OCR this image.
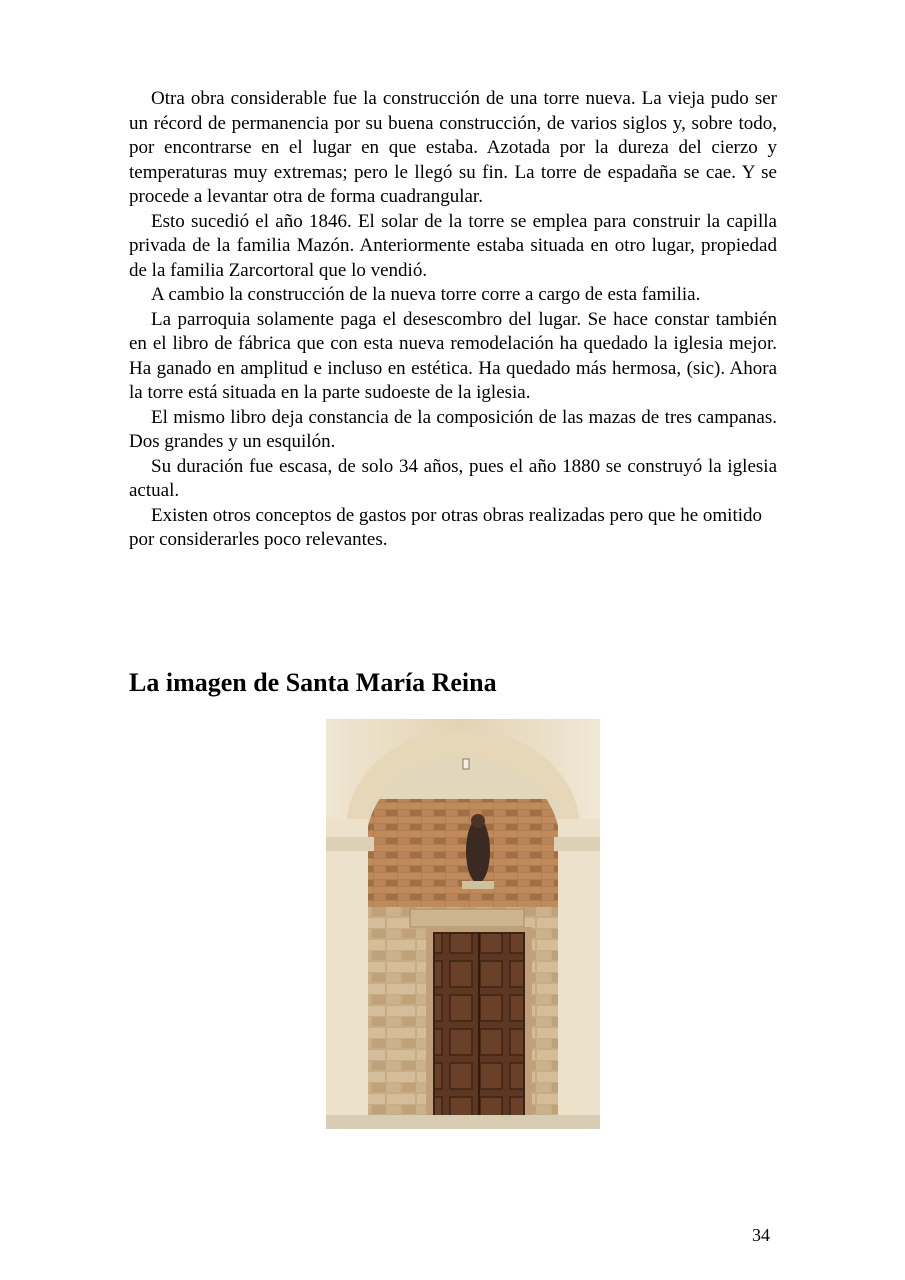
Otra obra considerable fue la construcción de una torre nueva. La vieja pudo ser un récord de permanencia por su buena construcción, de varios siglos y, sobre todo, por encontrarse en el lugar en que estaba. Azotada por la dureza del cierzo y temperaturas muy extremas; pero le llegó su fin. La torre de espadaña se cae. Y se procede a levantar otra de forma cuadrangular.

Esto sucedió el año 1846. El solar de la torre se emplea para construir la capilla privada de la familia Mazón. Anteriormente estaba situada en otro lugar, propiedad de la familia Zarcortoral que lo vendió.

A cambio la construcción de la nueva torre corre a cargo de esta familia.

La parroquia solamente paga el desescombro del lugar. Se hace constar también en el libro de fábrica que con esta nueva remodelación ha quedado la iglesia mejor. Ha ganado en amplitud e incluso en estética. Ha quedado más hermosa, (sic). Ahora la torre está situada en la parte sudoeste de la iglesia.

El mismo libro deja constancia de la composición de las mazas de tres campanas. Dos grandes y un esquilón.

Su duración fue escasa, de solo 34 años, pues el año 1880 se construyó la iglesia actual.

Existen otros conceptos de gastos por otras obras realizadas pero que he omitido por considerarles poco relevantes.

La imagen de Santa María Reina
34
